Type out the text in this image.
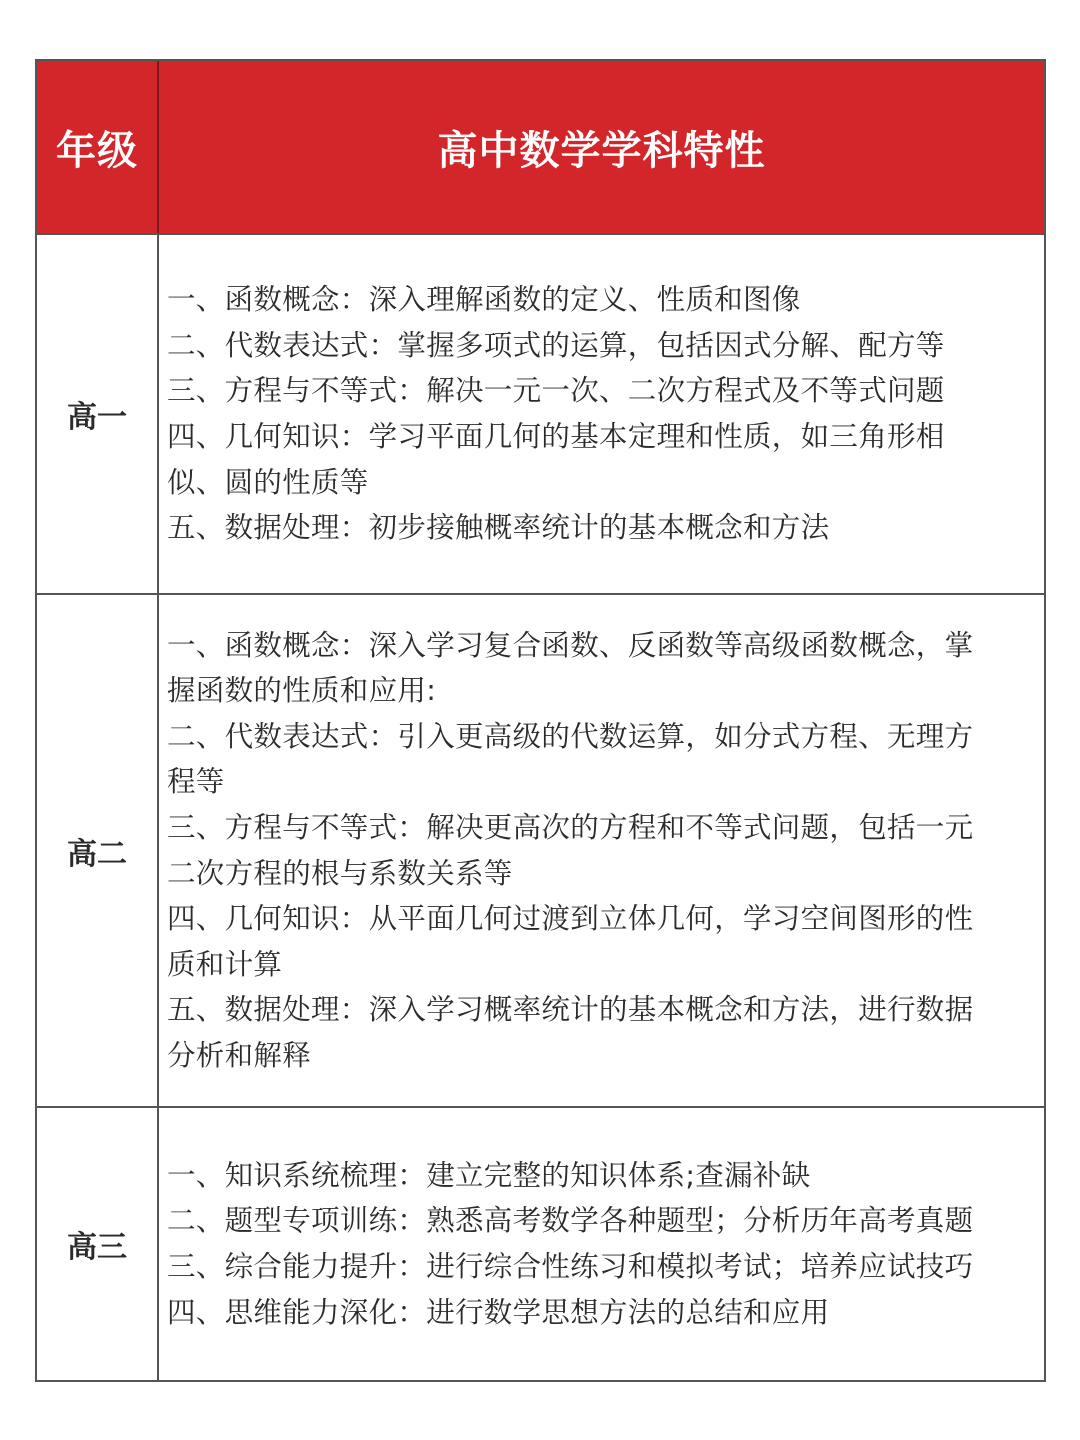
年级	高中数学学科特性
高一
一、函数概念：深入理解函数的定义、性质和图像
二、代数表达式：掌握多项式的运算，包括因式分解、配方等
三、方程与不等式：解决一元一次、二次方程式及不等式问题
四、几何知识：学习平面几何的基本定理和性质，如三角形相
似、圆的性质等
五、数据处理：初步接触概率统计的基本概念和方法
高二
一、函数概念：深入学习复合函数、反函数等高级函数概念，掌
握函数的性质和应用:
二、代数表达式：引入更高级的代数运算，如分式方程、无理方
程等
三、方程与不等式：解决更高次的方程和不等式问题，包括一元
二次方程的根与系数关系等
四、几何知识：从平面几何过渡到立体几何，学习空间图形的性
质和计算
五、数据处理：深入学习概率统计的基本概念和方法，进行数据
分析和解释
高三
一、知识系统梳理：建立完整的知识体系;查漏补缺
二、题型专项训练：熟悉高考数学各种题型；分析历年高考真题
三、综合能力提升：进行综合性练习和模拟考试；培养应试技巧
四、思维能力深化：进行数学思想方法的总结和应用
